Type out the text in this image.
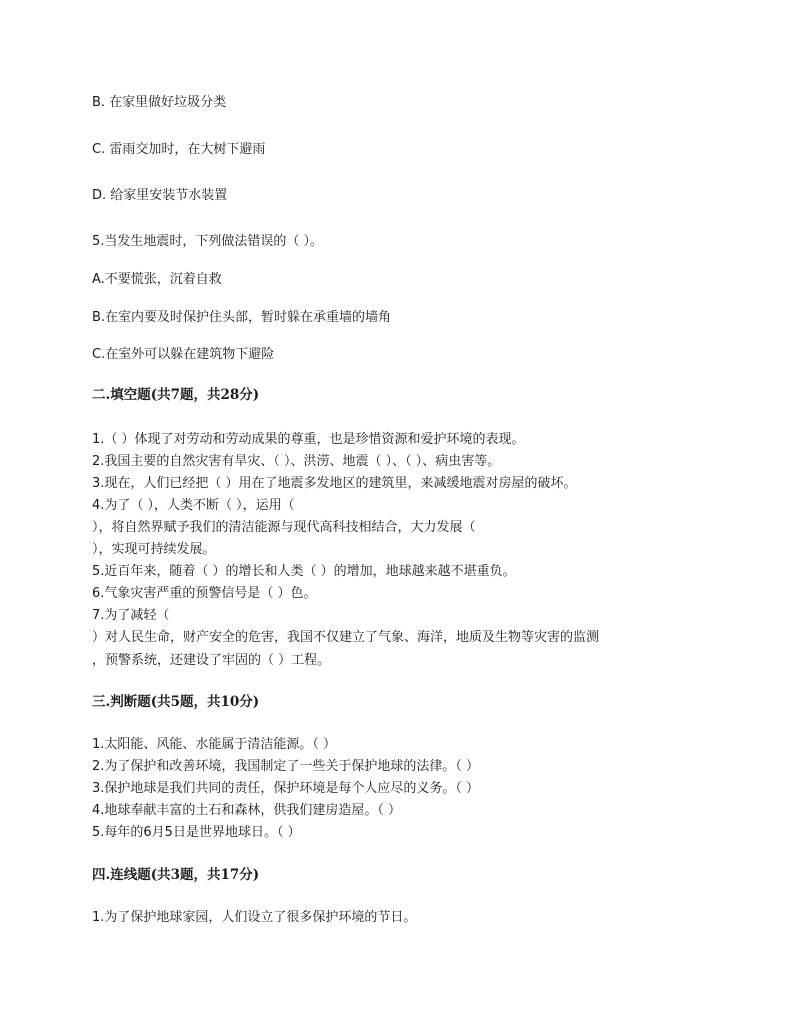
B. 在家里做好垃圾分类
C. 雷雨交加时，在大树下避雨
D. 给家里安装节水装置
5.当发生地震时，下列做法错误的（ ）。
A.不要慌张，沉着自救
B.在室内要及时保护住头部，暂时躲在承重墙的墙角
C.在室外可以躲在建筑物下避险
二.填空题(共7题，共28分)
1.（ ）体现了对劳动和劳动成果的尊重，也是珍惜资源和爱护环境的表现。
2.我国主要的自然灾害有旱灾、（ ）、洪涝、地震（ ）、（ ）、病虫害等。
3.现在，人们已经把（ ）用在了地震多发地区的建筑里，来减缓地震对房屋的破坏。
4.为了（ ），人类不断（ ），运用（
），将自然界赋予我们的清洁能源与现代高科技相结合，大力发展（
），实现可持续发展。
5.近百年来，随着（ ）的增长和人类（ ）的增加，地球越来越不堪重负。
6.气象灾害严重的预警信号是（ ）色。
7.为了减轻（
）对人民生命，财产安全的危害，我国不仅建立了气象、海洋，地质及生物等灾害的监测
，预警系统，还建设了牢固的（ ）工程。
三.判断题(共5题，共10分)
1.太阳能、风能、水能属于清洁能源。（ ）
2.为了保护和改善环境，我国制定了一些关于保护地球的法律。（ ）
3.保护地球是我们共同的责任，保护环境是每个人应尽的义务。（ ）
4.地球奉献丰富的土石和森林，供我们建房造屋。（ ）
5.每年的6月5日是世界地球日。（ ）
四.连线题(共3题，共17分)
1.为了保护地球家园，人们设立了很多保护环境的节日。
